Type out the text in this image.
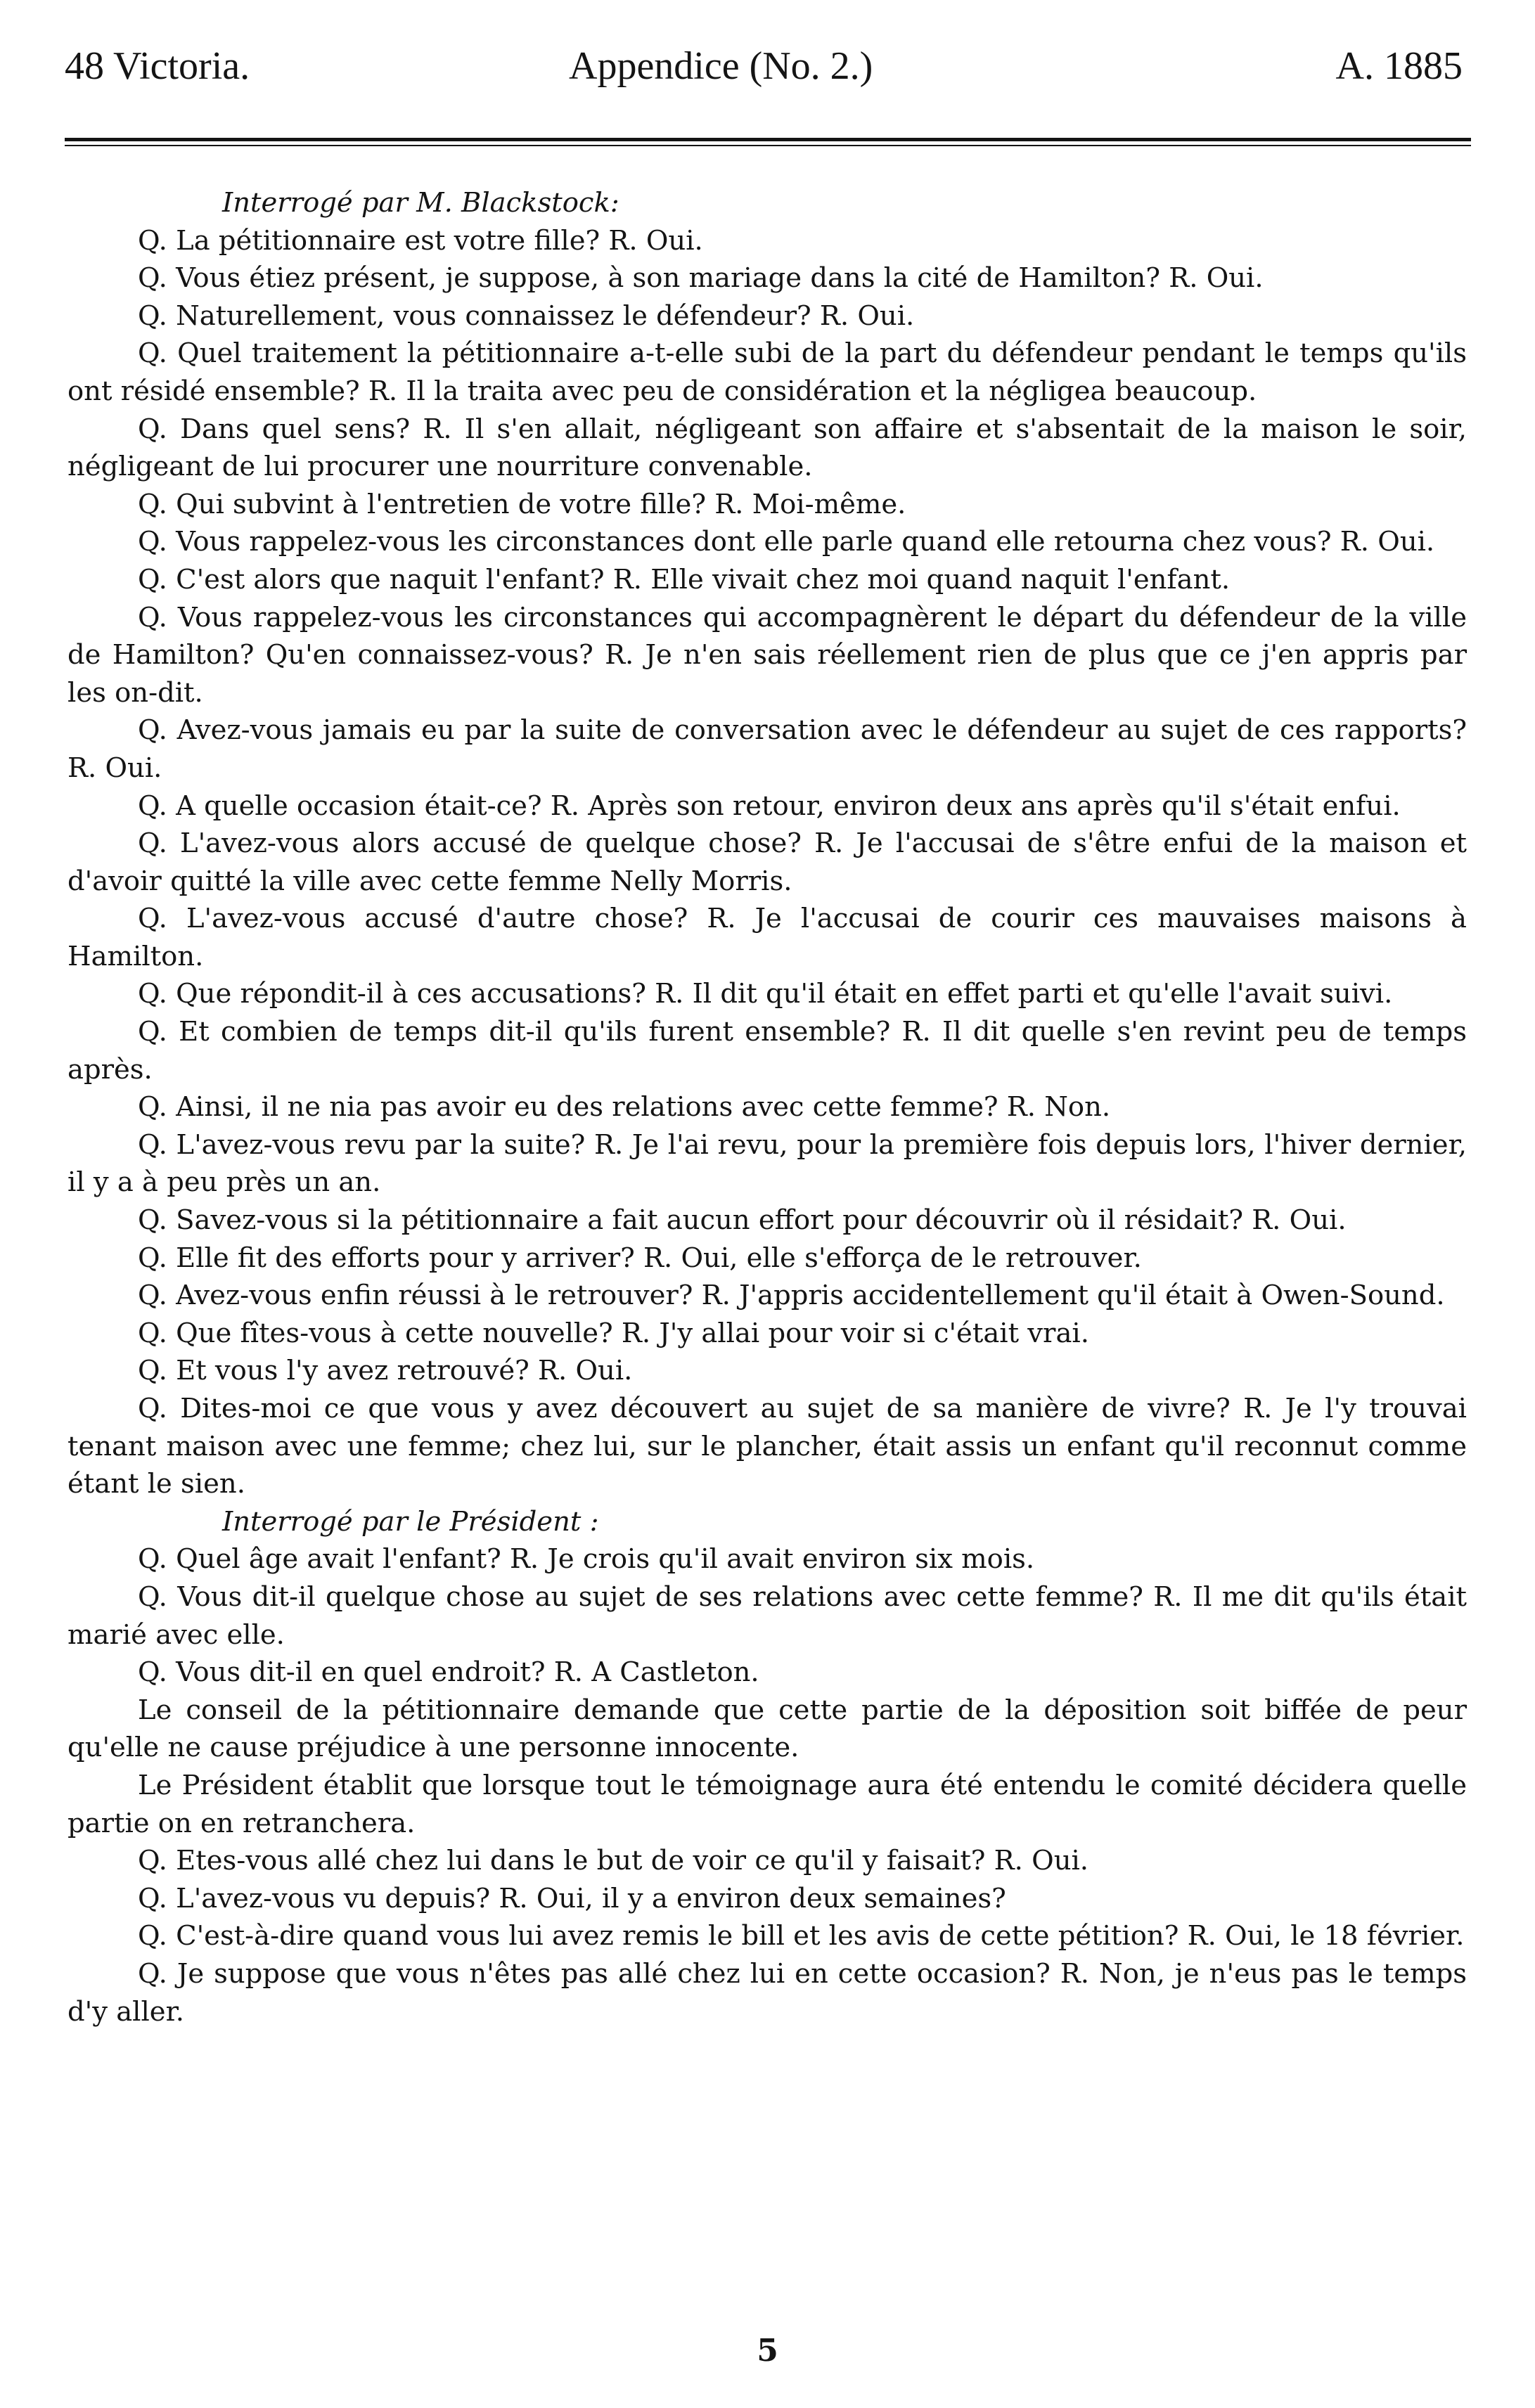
48 Victoria.	Appendice (No. 2.)	A. 1885

Interrogé par M. Blackstock:

Q. La pétitionnaire est votre fille? R. Oui.

Q. Vous étiez présent, je suppose, à son mariage dans la cité de Hamilton? R. Oui.

Q. Naturellement, vous connaissez le défendeur? R. Oui.

Q. Quel traitement la pétitionnaire a-t-elle subi de la part du défendeur pendant le temps qu'ils ont résidé ensemble? R. Il la traita avec peu de considération et la négligea beaucoup.

Q. Dans quel sens? R. Il s'en allait, négligeant son affaire et s'absentait de la maison le soir, négligeant de lui procurer une nourriture convenable.

Q. Qui subvint à l'entretien de votre fille? R. Moi-même.

Q. Vous rappelez-vous les circonstances dont elle parle quand elle retourna chez vous? R. Oui.

Q. C'est alors que naquit l'enfant? R. Elle vivait chez moi quand naquit l'enfant.

Q. Vous rappelez-vous les circonstances qui accompagnèrent le départ du défendeur de la ville de Hamilton? Qu'en connaissez-vous? R. Je n'en sais réellement rien de plus que ce j'en appris par les on-dit.

Q. Avez-vous jamais eu par la suite de conversation avec le défendeur au sujet de ces rapports? R. Oui.

Q. A quelle occasion était-ce? R. Après son retour, environ deux ans après qu'il s'était enfui.

Q. L'avez-vous alors accusé de quelque chose? R. Je l'accusai de s'être enfui de la maison et d'avoir quitté la ville avec cette femme Nelly Morris.

Q. L'avez-vous accusé d'autre chose? R. Je l'accusai de courir ces mauvaises maisons à Hamilton.

Q. Que répondit-il à ces accusations? R. Il dit qu'il était en effet parti et qu'elle l'avait suivi.

Q. Et combien de temps dit-il qu'ils furent ensemble? R. Il dit quelle s'en revint peu de temps après.

Q. Ainsi, il ne nia pas avoir eu des relations avec cette femme? R. Non.

Q. L'avez-vous revu par la suite? R. Je l'ai revu, pour la première fois depuis lors, l'hiver dernier, il y a à peu près un an.

Q. Savez-vous si la pétitionnaire a fait aucun effort pour découvrir où il résidait? R. Oui.

Q. Elle fit des efforts pour y arriver? R. Oui, elle s'efforça de le retrouver.

Q. Avez-vous enfin réussi à le retrouver? R. J'appris accidentellement qu'il était à Owen-Sound.

Q. Que fîtes-vous à cette nouvelle? R. J'y allai pour voir si c'était vrai.

Q. Et vous l'y avez retrouvé? R. Oui.

Q. Dites-moi ce que vous y avez découvert au sujet de sa manière de vivre? R. Je l'y trouvai tenant maison avec une femme; chez lui, sur le plancher, était assis un enfant qu'il reconnut comme étant le sien.

Interrogé par le Président :

Q. Quel âge avait l'enfant? R. Je crois qu'il avait environ six mois.

Q. Vous dit-il quelque chose au sujet de ses relations avec cette femme? R. Il me dit qu'ils était marié avec elle.

Q. Vous dit-il en quel endroit? R. A Castleton.

Le conseil de la pétitionnaire demande que cette partie de la déposition soit biffée de peur qu'elle ne cause préjudice à une personne innocente.

Le Président établit que lorsque tout le témoignage aura été entendu le comité décidera quelle partie on en retranchera.

Q. Etes-vous allé chez lui dans le but de voir ce qu'il y faisait? R. Oui.

Q. L'avez-vous vu depuis? R. Oui, il y a environ deux semaines?

Q. C'est-à-dire quand vous lui avez remis le bill et les avis de cette pétition? R. Oui, le 18 février.

Q. Je suppose que vous n'êtes pas allé chez lui en cette occasion? R. Non, je n'eus pas le temps d'y aller.

5
